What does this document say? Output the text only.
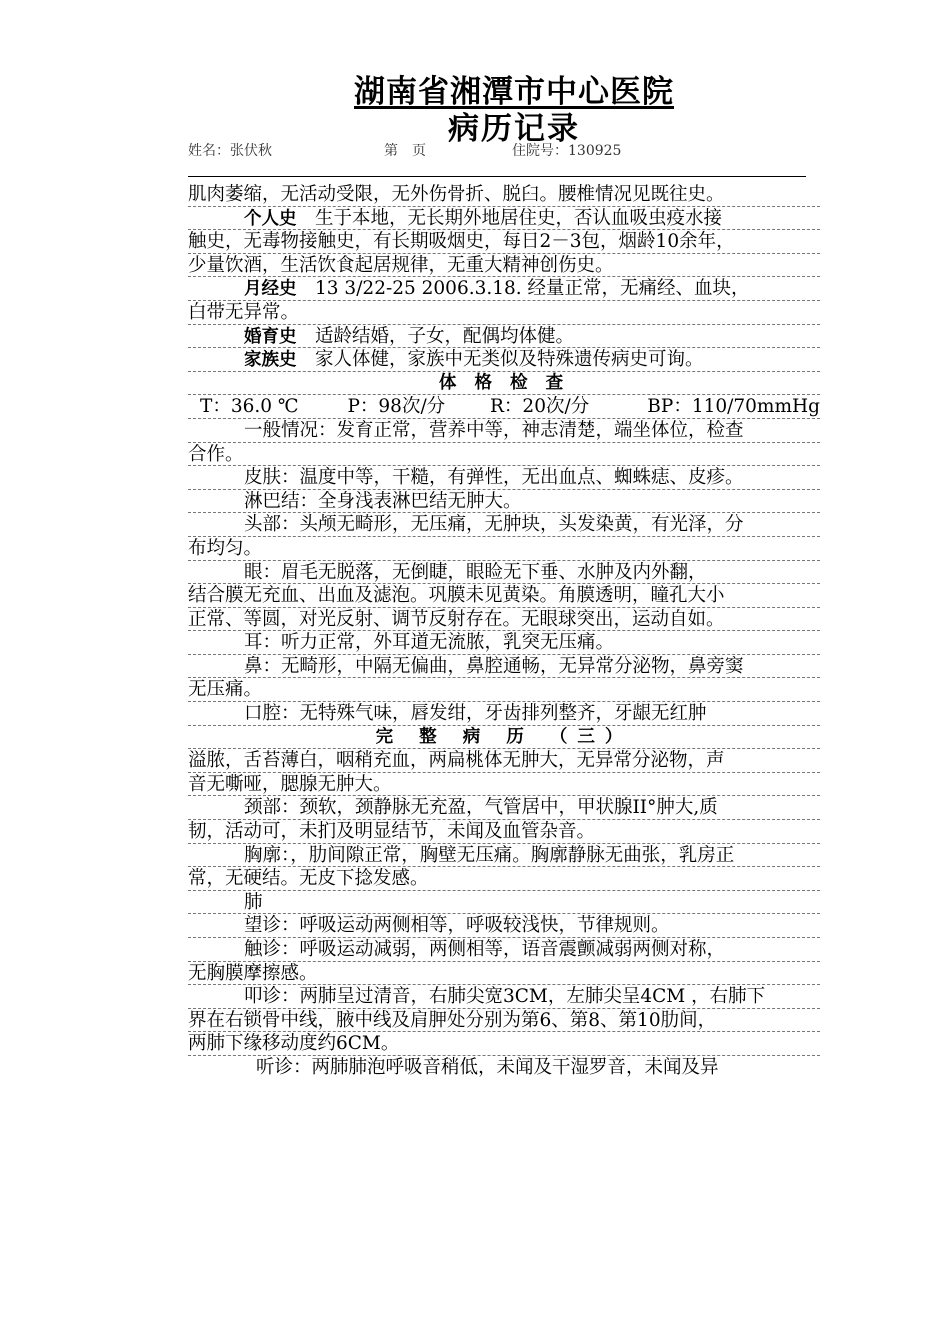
湖南省湘潭市中心医院
病历记录
姓名：张伏秋	第　页	住院号：130925
肌肉萎缩，无活动受限，无外伤骨折、脱臼。腰椎情况见既往史。
个人史　生于本地，无长期外地居住史，否认血吸虫疫水接
触史，无毒物接触史，有长期吸烟史，每日2－3包，烟龄10余年，
少量饮酒，生活饮食起居规律，无重大精神创伤史。
月经史　13 3/22-25 2006.3.18. 经量正常，无痛经、血块，
白带无异常。
婚育史　适龄结婚，子女，配偶均体健。
家族史　家人体健，家族中无类似及特殊遗传病史可询。
体 格 检 查
T：36.0 ℃	P：98次/分	R：20次/分	BP：110/70mmHg
一般情况：发育正常，营养中等，神志清楚，端坐体位，检查
合作。
皮肤：温度中等，干糙，有弹性，无出血点、蜘蛛痣、皮疹。
淋巴结：全身浅表淋巴结无肿大。
头部：头颅无畸形，无压痛，无肿块，头发染黄，有光泽，分
布均匀。
眼：眉毛无脱落，无倒睫，眼睑无下垂、水肿及内外翻，
结合膜无充血、出血及滤泡。巩膜未见黄染。角膜透明，瞳孔大小
正常、等圆，对光反射、调节反射存在。无眼球突出，运动自如。
耳：听力正常，外耳道无流脓，乳突无压痛。
鼻：无畸形，中隔无偏曲，鼻腔通畅，无异常分泌物，鼻旁窦
无压痛。
口腔：无特殊气味，唇发绀，牙齿排列整齐，牙龈无红肿
完 整 病 历 （三）
溢脓，舌苔薄白，咽稍充血，两扁桃体无肿大，无异常分泌物，声
音无嘶哑，腮腺无肿大。
颈部：颈软，颈静脉无充盈，气管居中，甲状腺II°肿大,质
韧，活动可，未扪及明显结节，未闻及血管杂音。
胸廓：，肋间隙正常，胸壁无压痛。胸廓静脉无曲张，乳房正
常，无硬结。无皮下捻发感。
肺
望诊：呼吸运动两侧相等，呼吸较浅快，节律规则。
触诊：呼吸运动减弱，两侧相等，语音震颤减弱两侧对称，
无胸膜摩擦感。
叩诊：两肺呈过清音，右肺尖宽3CM，左肺尖呈4CM ，右肺下
界在右锁骨中线，腋中线及肩胛处分别为第6、第8、第10肋间，
两肺下缘移动度约6CM。
听诊：两肺肺泡呼吸音稍低，未闻及干湿罗音，未闻及异
